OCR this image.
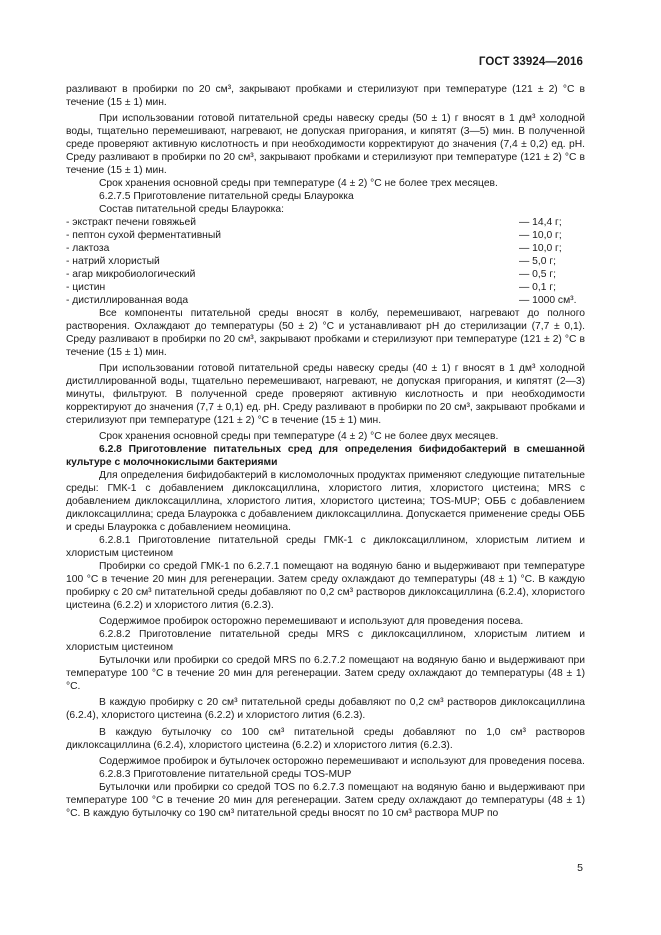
ГОСТ 33924—2016

разливают в пробирки по 20 см³, закрывают пробками и стерилизуют при температуре (121 ± 2) °С в течение (15 ± 1) мин.

При использовании готовой питательной среды навеску среды (50 ± 1) г вносят в 1 дм³ холодной воды, тщательно перемешивают, нагревают, не допуская пригорания, и кипятят (3—5) мин. В полученной среде проверяют активную кислотность и при необходимости корректируют до значения (7,4 ± 0,2) ед. рН. Среду разливают в пробирки по 20 см³, закрывают пробками и стерилизуют при температуре (121 ± 2) °С в течение (15 ± 1) мин.

Срок хранения основной среды при температуре (4 ± 2) °С не более трех месяцев.

6.2.7.5 Приготовление питательной среды Блаурокка

Состав питательной среды Блаурокка:

- экстракт печени говяжьей	— 14,4 г;
- пептон сухой ферментативный	— 10,0 г;
- лактоза	— 10,0 г;
- натрий хлористый	— 5,0 г;
- агар микробиологический	— 0,5 г;
- цистин	— 0,1 г;
- дистиллированная вода	— 1000 см³.

Все компоненты питательной среды вносят в колбу, перемешивают, нагревают до полного растворения. Охлаждают до температуры (50 ± 2) °С и устанавливают рН до стерилизации (7,7 ± 0,1). Среду разливают в пробирки по 20 см³, закрывают пробками и стерилизуют при температуре (121 ± 2) °С в течение (15 ± 1) мин.

При использовании готовой питательной среды навеску среды (40 ± 1) г вносят в 1 дм³ холодной дистиллированной воды, тщательно перемешивают, нагревают, не допуская пригорания, и кипятят (2—3) минуты, фильтруют. В полученной среде проверяют активную кислотность и при необходимости корректируют до значения (7,7 ± 0,1) ед. рН. Среду разливают в пробирки по 20 см³, закрывают пробками и стерилизуют при температуре (121 ± 2) °С в течение (15 ± 1) мин.

Срок хранения основной среды при температуре (4 ± 2) °С не более двух месяцев.

6.2.8 Приготовление питательных сред для определения бифидобактерий в смешанной культуре с молочнокислыми бактериями

Для определения бифидобактерий в кисломолочных продуктах применяют следующие питательные среды: ГМК-1 с добавлением диклоксациллина, хлористого лития, хлористого цистеина; MRS с добавлением диклоксациллина, хлористого лития, хлористого цистеина; TOS-MUP; ОББ с добавлением диклоксациллина; среда Блаурокка с добавлением диклоксациллина. Допускается применение среды ОББ и среды Блаурокка с добавлением неомицина.

6.2.8.1 Приготовление питательной среды ГМК-1 с диклоксациллином, хлористым литием и хлористым цистеином

Пробирки со средой ГМК-1 по 6.2.7.1 помещают на водяную баню и выдерживают при температуре 100 °С в течение 20 мин для регенерации. Затем среду охлаждают до температуры (48 ± 1) °С. В каждую пробирку с 20 см³ питательной среды добавляют по 0,2 см³ растворов диклоксациллина (6.2.4), хлористого цистеина (6.2.2) и хлористого лития (6.2.3).

Содержимое пробирок осторожно перемешивают и используют для проведения посева.

6.2.8.2 Приготовление питательной среды MRS с диклоксациллином, хлористым литием и хлористым цистеином

Бутылочки или пробирки со средой MRS по 6.2.7.2 помещают на водяную баню и выдерживают при температуре 100 °С в течение 20 мин для регенерации. Затем среду охлаждают до температуры (48 ± 1) °С.

В каждую пробирку с 20 см³ питательной среды добавляют по 0,2 см³ растворов диклоксациллина (6.2.4), хлористого цистеина (6.2.2) и хлористого лития (6.2.3).

В каждую бутылочку со 100 см³ питательной среды добавляют по 1,0 см³ растворов диклоксациллина (6.2.4), хлористого цистеина (6.2.2) и хлористого лития (6.2.3).

Содержимое пробирок и бутылочек осторожно перемешивают и используют для проведения посева.

6.2.8.3 Приготовление питательной среды TOS-MUP

Бутылочки или пробирки со средой TOS по 6.2.7.3 помещают на водяную баню и выдерживают при температуре 100 °С в течение 20 мин для регенерации. Затем среду охлаждают до температуры (48 ± 1) °С. В каждую бутылочку со 190 см³ питательной среды вносят по 10 см³ раствора MUP по

5
